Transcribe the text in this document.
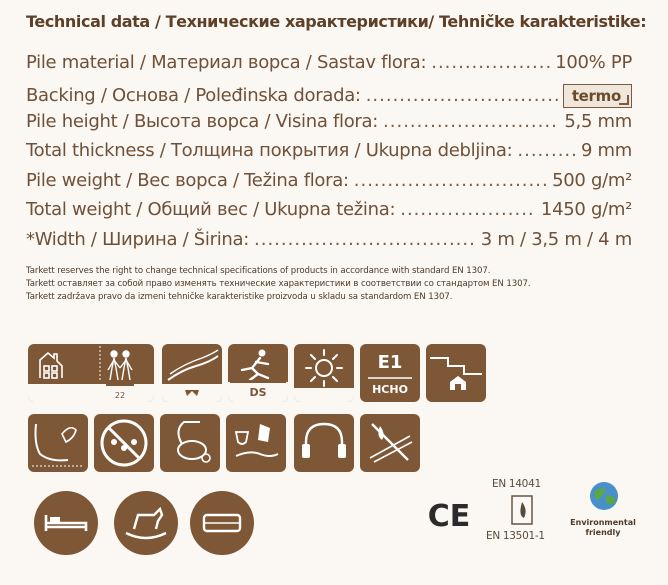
Technical data / Технические характеристики/ Tehničke karakteristike:
Pile material / Материал ворса / Sastav flora: .....	100% PP
Backing / Основа / Poleđinska dorada: .....	termo
Pile height / Высота ворса / Visina flora: .....	5,5 mm
Total thickness / Толщина покрытия / Ukupna debljina: .....	9 mm
Pile weight / Вес ворса / Težina flora: .....	500 g/m²
Total weight / Общий вес / Ukupna težina: .....	1450 g/m²
*Width / Ширина / Širina: .....	3 m / 3,5 m / 4 m
Tarkett reserves the right to change technical specifications of products in accordance with standard EN 1307.
Tarkett оставляет за собой право изменять технические характеристики в соответствии со стандартом EN 1307.
Tarkett zadržava pravo da izmeni tehničke karakteristike proizvoda u skladu sa standardom EN 1307.
22	DS
E1
HCHO
CE
EN 14041
EN 13501-1
Environmental friendly
